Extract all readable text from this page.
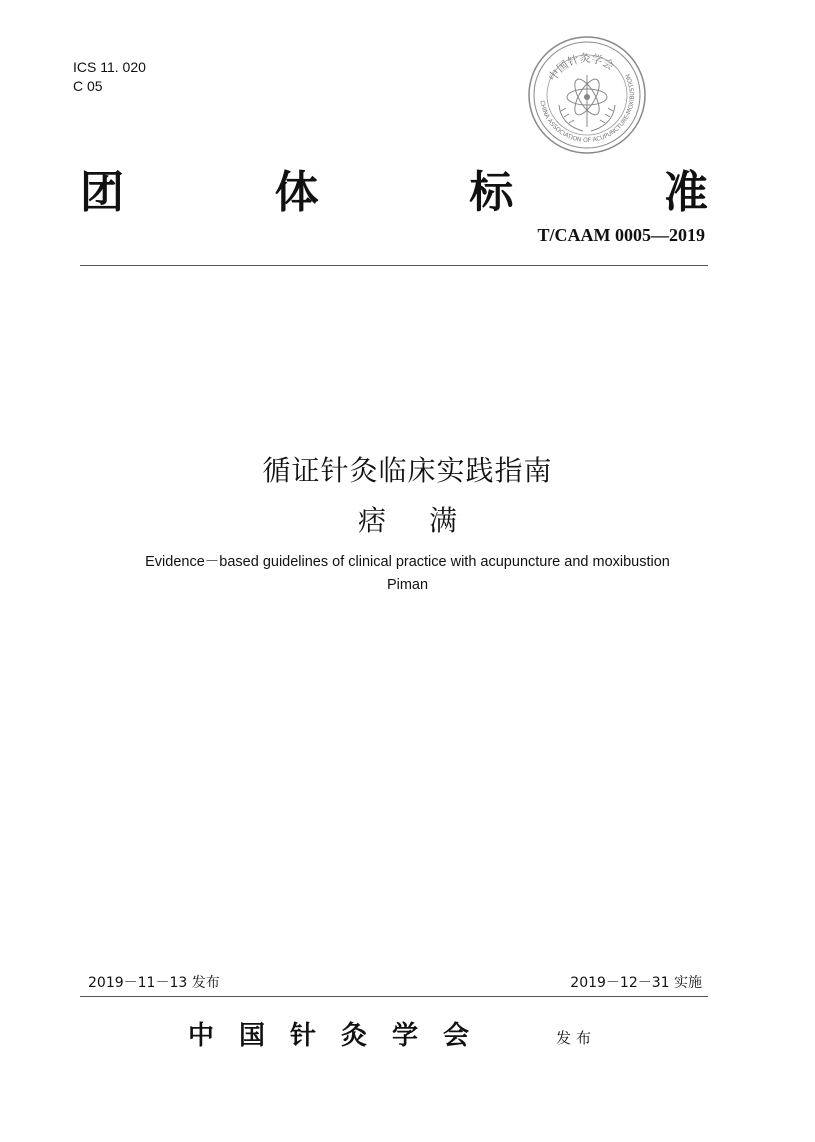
ICS 11. 020
C 05
CHINA ASSOCIATION OF ACUPUNCTURE-MOXIBUSTION
中国针灸学会
团	体	标	准
T/CAAM 0005—2019
循证针灸临床实践指南
痞 满
Evidence－based guidelines of clinical practice with acupuncture and moxibustion
Piman
2019－11－13 发布	2019－12－31 实施
中国针灸学会	发布
